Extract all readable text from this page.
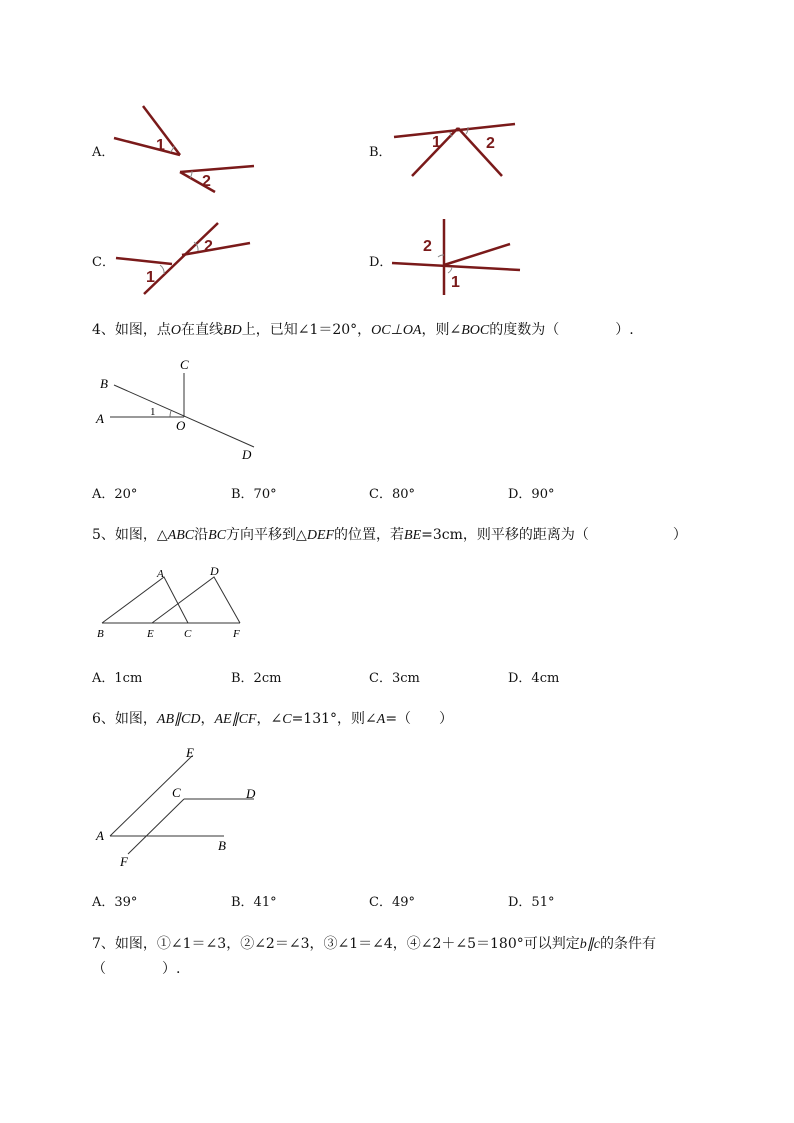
A．	1
2
B．
1	2
C．
1
2
D．
2
1
4、如图，点O在直线BD上，已知∠1＝20°，OC⊥OA，则∠BOC的度数为（　　　　）.
1
B
A
C
O
D
A．20°	B．70°	C．80°	D．90°
5、如图，△ABC沿BC方向平移到△DEF的位置，若BE=3cm，则平移的距离为（　　　　　　）
A	D
B	E	C	F
A．1cm	B．2cm	C．3cm	D．4cm
6、如图，AB∥CD，AE∥CF，∠C=131°，则∠A=（　　）
E
C	D
A
B
F
A．39°	B．41°	C．49°	D．51°
7、如图，①∠1＝∠3，②∠2＝∠3，③∠1＝∠4，④∠2＋∠5＝180°可以判定b∥c的条件有
（　　　　）.
